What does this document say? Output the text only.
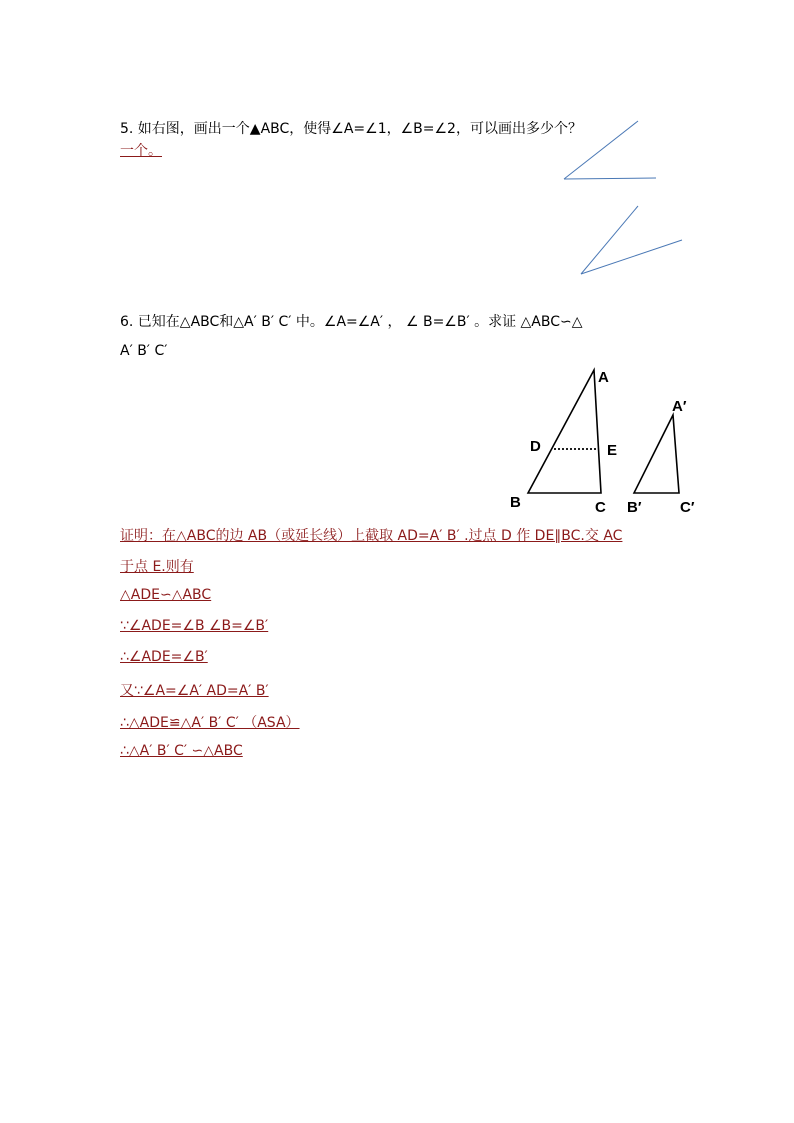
5. 如右图，画出一个▲ABC，使得∠A=∠1，∠B=∠2，可以画出多少个？
一个。
6. 已知在△ABC和△A′ B′ C′ 中。∠A=∠A′ ， ∠ B=∠B′ 。求证 △ABC∽△
A′ B′ C′
A
D	E
B	C
A′
B′	C′
证明：在△ABC的边 AB（或延长线）上截取 AD=A′ B′ .过点 D 作 DE∥BC.交 AC
于点 E.则有
△ADE∽△ABC
∵∠ADE=∠B ∠B=∠B′
∴∠ADE=∠B′
又∵∠A=∠A′ AD=A′ B′
∴△ADE≌△A′ B′ C′ （ASA）
∴△A′ B′ C′ ∽△ABC
